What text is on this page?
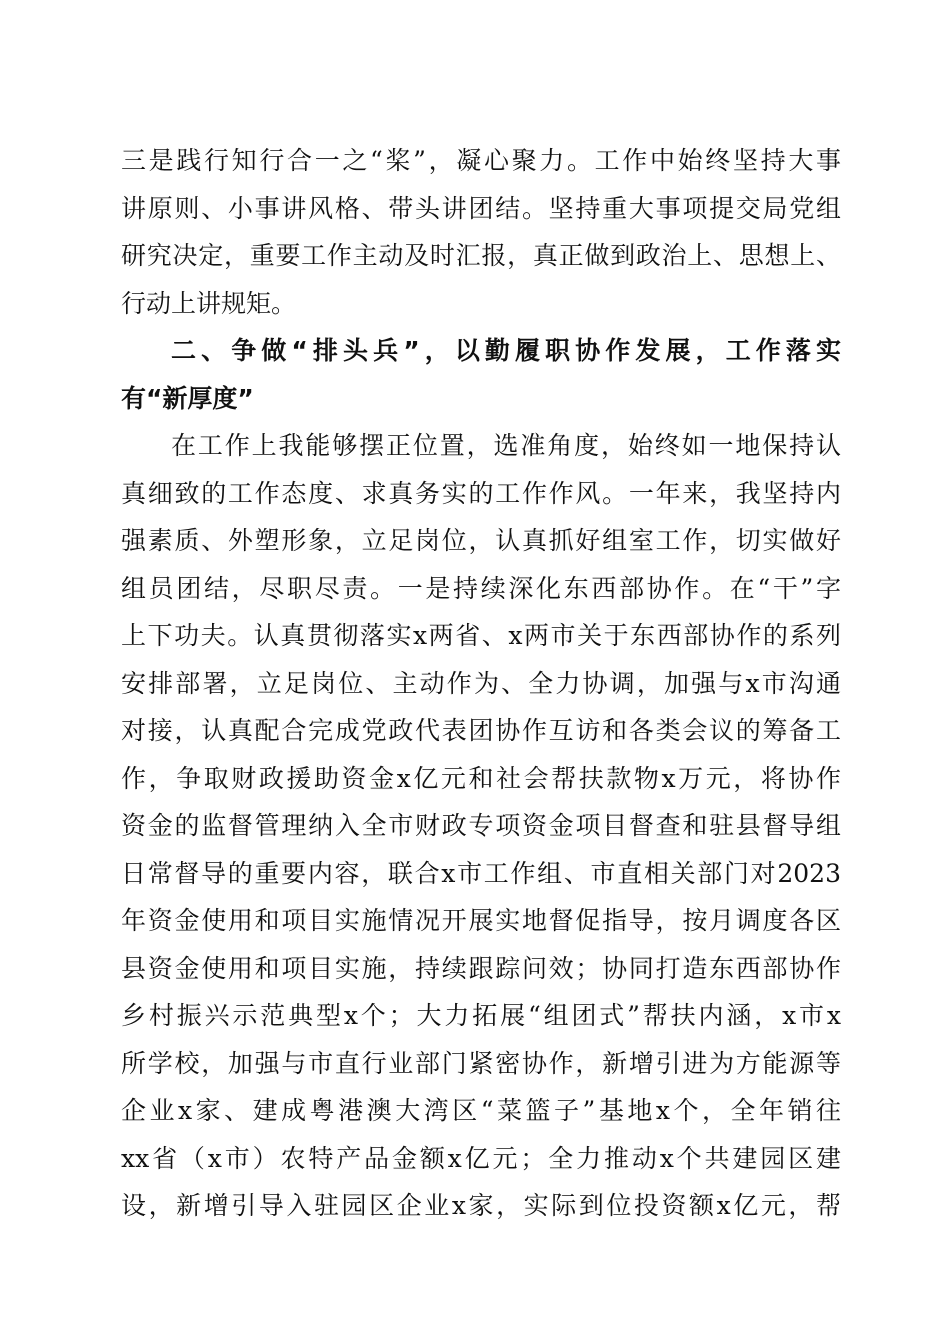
三是践行知行合一之“桨”，凝心聚力。工作中始终坚持大事
讲原则、小事讲风格、带头讲团结。坚持重大事项提交局党组
研究决定，重要工作主动及时汇报，真正做到政治上、思想上、
行动上讲规矩。
二、争做“排头兵”，以勤履职协作发展，工作落实
有“新厚度”
在工作上我能够摆正位置，选准角度，始终如一地保持认
真细致的工作态度、求真务实的工作作风。一年来，我坚持内
强素质、外塑形象，立足岗位，认真抓好组室工作，切实做好
组员团结，尽职尽责。一是持续深化东西部协作。在“干”字
上下功夫。认真贯彻落实x两省、x两市关于东西部协作的系列
安排部署，立足岗位、主动作为、全力协调，加强与x市沟通
对接，认真配合完成党政代表团协作互访和各类会议的筹备工
作，争取财政援助资金x亿元和社会帮扶款物x万元，将协作
资金的监督管理纳入全市财政专项资金项目督查和驻县督导组
日常督导的重要内容，联合x市工作组、市直相关部门对2023
年资金使用和项目实施情况开展实地督促指导，按月调度各区
县资金使用和项目实施，持续跟踪问效；协同打造东西部协作
乡村振兴示范典型x个；大力拓展“组团式”帮扶内涵，x市x
所学校，加强与市直行业部门紧密协作，新增引进为方能源等
企业x家、建成粤港澳大湾区“菜篮子”基地x个，全年销往
xx省（x市）农特产品金额x亿元；全力推动x个共建园区建
设，新增引导入驻园区企业x家，实际到位投资额x亿元，帮
